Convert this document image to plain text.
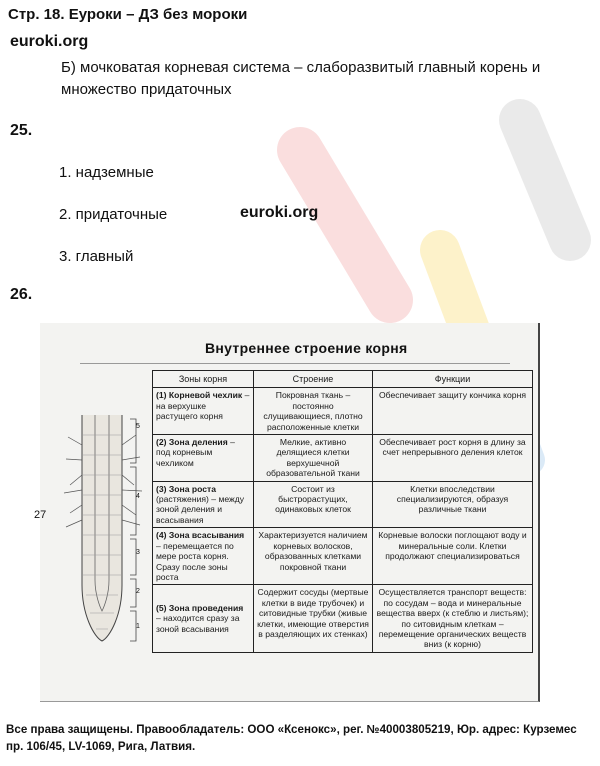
Стр. 18. Еуроки – ДЗ без мороки
euroki.org
Б) мочковатая корневая система – слаборазвитый главный корень и множество придаточных
25.
1. надземные
2. придаточные	euroki.org
3. главный
26.
Внутреннее строение корня
27
5
4
3
2
1
Зоны корня	Строение	Функции
(1) Корневой чехлик – на верхушке растущего корня	Покровная ткань – постоянно слущивающиеся, плотно расположенные клетки	Обеспечивает защиту кончика корня
(2) Зона деления – под корневым чехликом	Мелкие, активно делящиеся клетки верхушечной образовательной ткани	Обеспечивает рост корня в длину за счет непрерывного деления клеток
(3) Зона роста (растяжения) – между зоной деления и всасывания	Состоит из быстрорастущих, одинаковых клеток	Клетки впоследствии специализируются, образуя различные ткани
(4) Зона всасывания – перемещается по мере роста корня. Сразу после зоны роста	Характеризуется наличием корневых волосков, образованных клетками покровной ткани	Корневые волоски поглощают воду и минеральные соли. Клетки продолжают специализироваться
(5) Зона проведения – находится сразу за зоной всасывания	Содержит сосуды (мертвые клетки в виде трубочек) и ситовидные трубки (живые клетки, имеющие отверстия в разделяющих их стенках)	Осуществляется транспорт веществ: по сосудам – вода и минеральные вещества вверх (к стеблю и листьям); по ситовидным клеткам – перемещение органических веществ вниз (к корню)
Все права защищены. Правообладатель: ООО «Ксенокс», рег. №40003805219, Юр. адрес: Курземес пр. 106/45, LV-1069, Рига, Латвия.
